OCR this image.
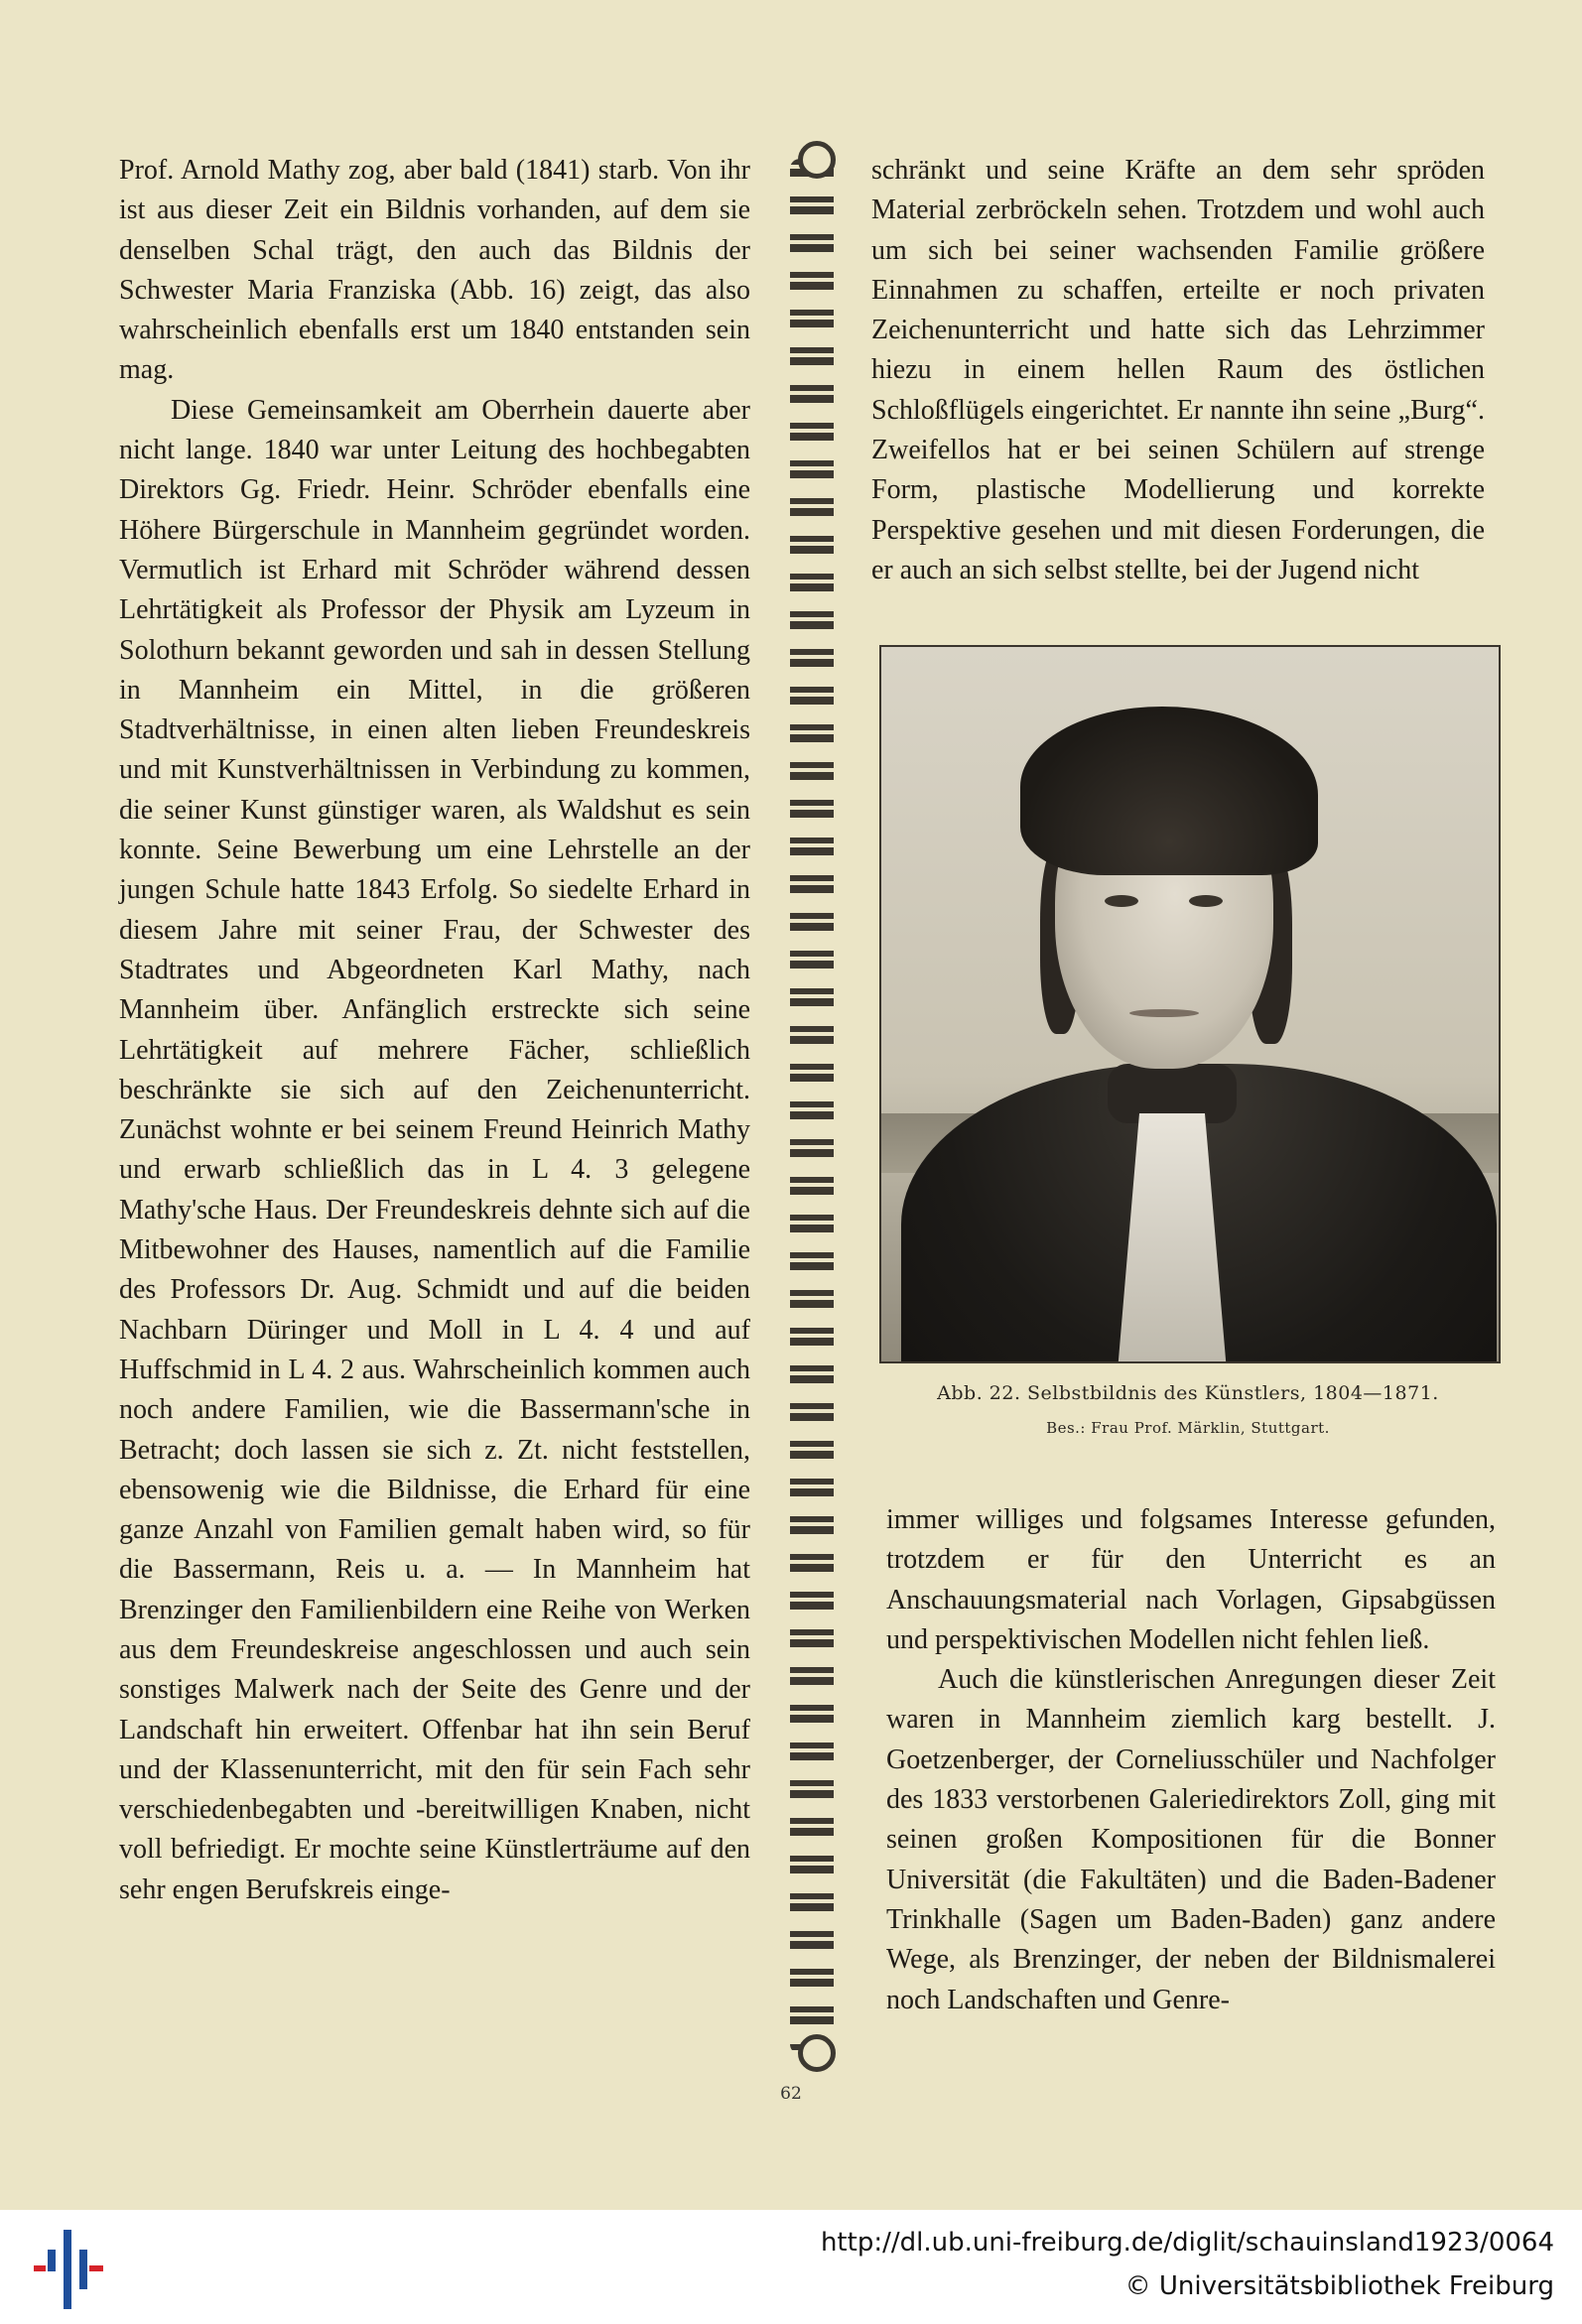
Prof. Arnold Mathy zog, aber bald (1841) starb. Von ihr ist aus dieser Zeit ein Bildnis vorhanden, auf dem sie denselben Schal trägt, den auch das Bildnis der Schwester Maria Franziska (Abb. 16) zeigt, das also wahrscheinlich ebenfalls erst um 1840 entstanden sein mag.

Diese Gemeinsamkeit am Oberrhein dauerte aber nicht lange. 1840 war unter Leitung des hochbegabten Direktors Gg. Friedr. Heinr. Schröder ebenfalls eine Höhere Bürgerschule in Mannheim gegründet worden. Vermutlich ist Erhard mit Schröder während dessen Lehrtätigkeit als Professor der Physik am Lyzeum in Solothurn bekannt geworden und sah in dessen Stellung in Mannheim ein Mittel, in die größeren Stadtverhältnisse, in einen alten lieben Freundeskreis und mit Kunstverhältnissen in Verbindung zu kommen, die seiner Kunst günstiger waren, als Waldshut es sein konnte. Seine Bewerbung um eine Lehrstelle an der jungen Schule hatte 1843 Erfolg. So siedelte Erhard in diesem Jahre mit seiner Frau, der Schwester des Stadtrates und Abgeordneten Karl Mathy, nach Mannheim über. Anfänglich erstreckte sich seine Lehrtätigkeit auf mehrere Fächer, schließlich beschränkte sie sich auf den Zeichenunterricht. Zunächst wohnte er bei seinem Freund Heinrich Mathy und erwarb schließlich das in L 4. 3 gelegene Mathy'sche Haus. Der Freundeskreis dehnte sich auf die Mitbewohner des Hauses, namentlich auf die Familie des Professors Dr. Aug. Schmidt und auf die beiden Nachbarn Düringer und Moll in L 4. 4 und auf Huffschmid in L 4. 2 aus. Wahrscheinlich kommen auch noch andere Familien, wie die Bassermann'sche in Betracht; doch lassen sie sich z. Zt. nicht feststellen, ebensowenig wie die Bildnisse, die Erhard für eine ganze Anzahl von Familien gemalt haben wird, so für die Bassermann, Reis u. a. — In Mannheim hat Brenzinger den Familienbildern eine Reihe von Werken aus dem Freundeskreise angeschlossen und auch sein sonstiges Malwerk nach der Seite des Genre und der Landschaft hin erweitert. Offenbar hat ihn sein Beruf und der Klassenunterricht, mit den für sein Fach sehr verschiedenbegabten und -bereitwilligen Knaben, nicht voll befriedigt. Er mochte seine Künstlerträume auf den sehr engen Berufskreis einge-

schränkt und seine Kräfte an dem sehr spröden Material zerbröckeln sehen. Trotzdem und wohl auch um sich bei seiner wachsenden Familie größere Einnahmen zu schaffen, erteilte er noch privaten Zeichenunterricht und hatte sich das Lehrzimmer hiezu in einem hellen Raum des östlichen Schloßflügels eingerichtet. Er nannte ihn seine „Burg“. Zweifellos hat er bei seinen Schülern auf strenge Form, plastische Modellierung und korrekte Perspektive gesehen und mit diesen Forderungen, die er auch an sich selbst stellte, bei der Jugend nicht

Abb. 22. Selbstbildnis des Künstlers, 1804—1871.
Bes.: Frau Prof. Märklin, Stuttgart.

immer williges und folgsames Interesse gefunden, trotzdem er für den Unterricht es an Anschauungsmaterial nach Vorlagen, Gipsabgüssen und perspektivischen Modellen nicht fehlen ließ.

Auch die künstlerischen Anregungen dieser Zeit waren in Mannheim ziemlich karg bestellt. J. Goetzenberger, der Corneliusschüler und Nachfolger des 1833 verstorbenen Galeriedirektors Zoll, ging mit seinen großen Kompositionen für die Bonner Universität (die Fakultäten) und die Baden-Badener Trinkhalle (Sagen um Baden-Baden) ganz andere Wege, als Brenzinger, der neben der Bildnismalerei noch Landschaften und Genre-

62
http://dl.ub.uni-freiburg.de/diglit/schauinsland1923/0064
© Universitätsbibliothek Freiburg
